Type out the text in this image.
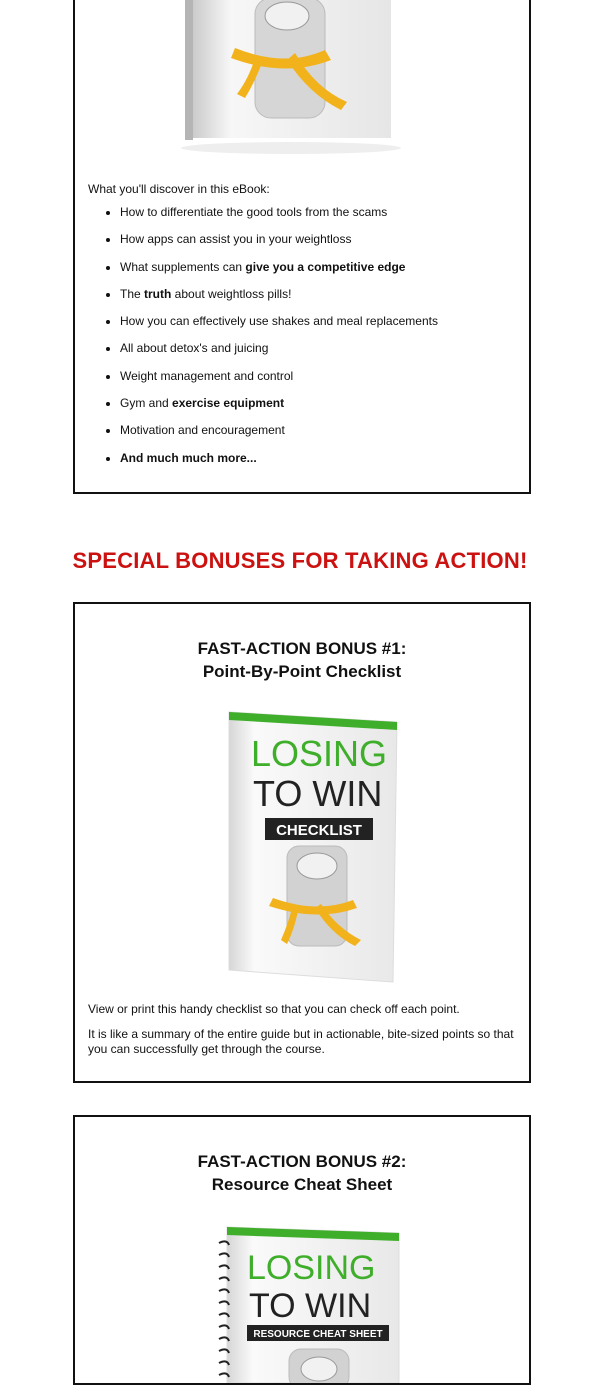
What you'll discover in this eBook:
• How to differentiate the good tools from the scams
• How apps can assist you in your weightloss
• What supplements can give you a competitive edge
• The truth about weightloss pills!
• How you can effectively use shakes and meal replacements
• All about detox's and juicing
• Weight management and control
• Gym and exercise equipment
• Motivation and encouragement
• And much much more...
SPECIAL BONUSES FOR TAKING ACTION!
FAST-ACTION BONUS #1:
Point-By-Point Checklist
LOSING
TO WIN
CHECKLIST

View or print this handy checklist so that you can check off each point.

It is like a summary of the entire guide but in actionable, bite-sized points so that you can successfully get through the course.

FAST-ACTION BONUS #2:
Resource Cheat Sheet
LOSING
TO WIN
RESOURCE CHEAT SHEET
